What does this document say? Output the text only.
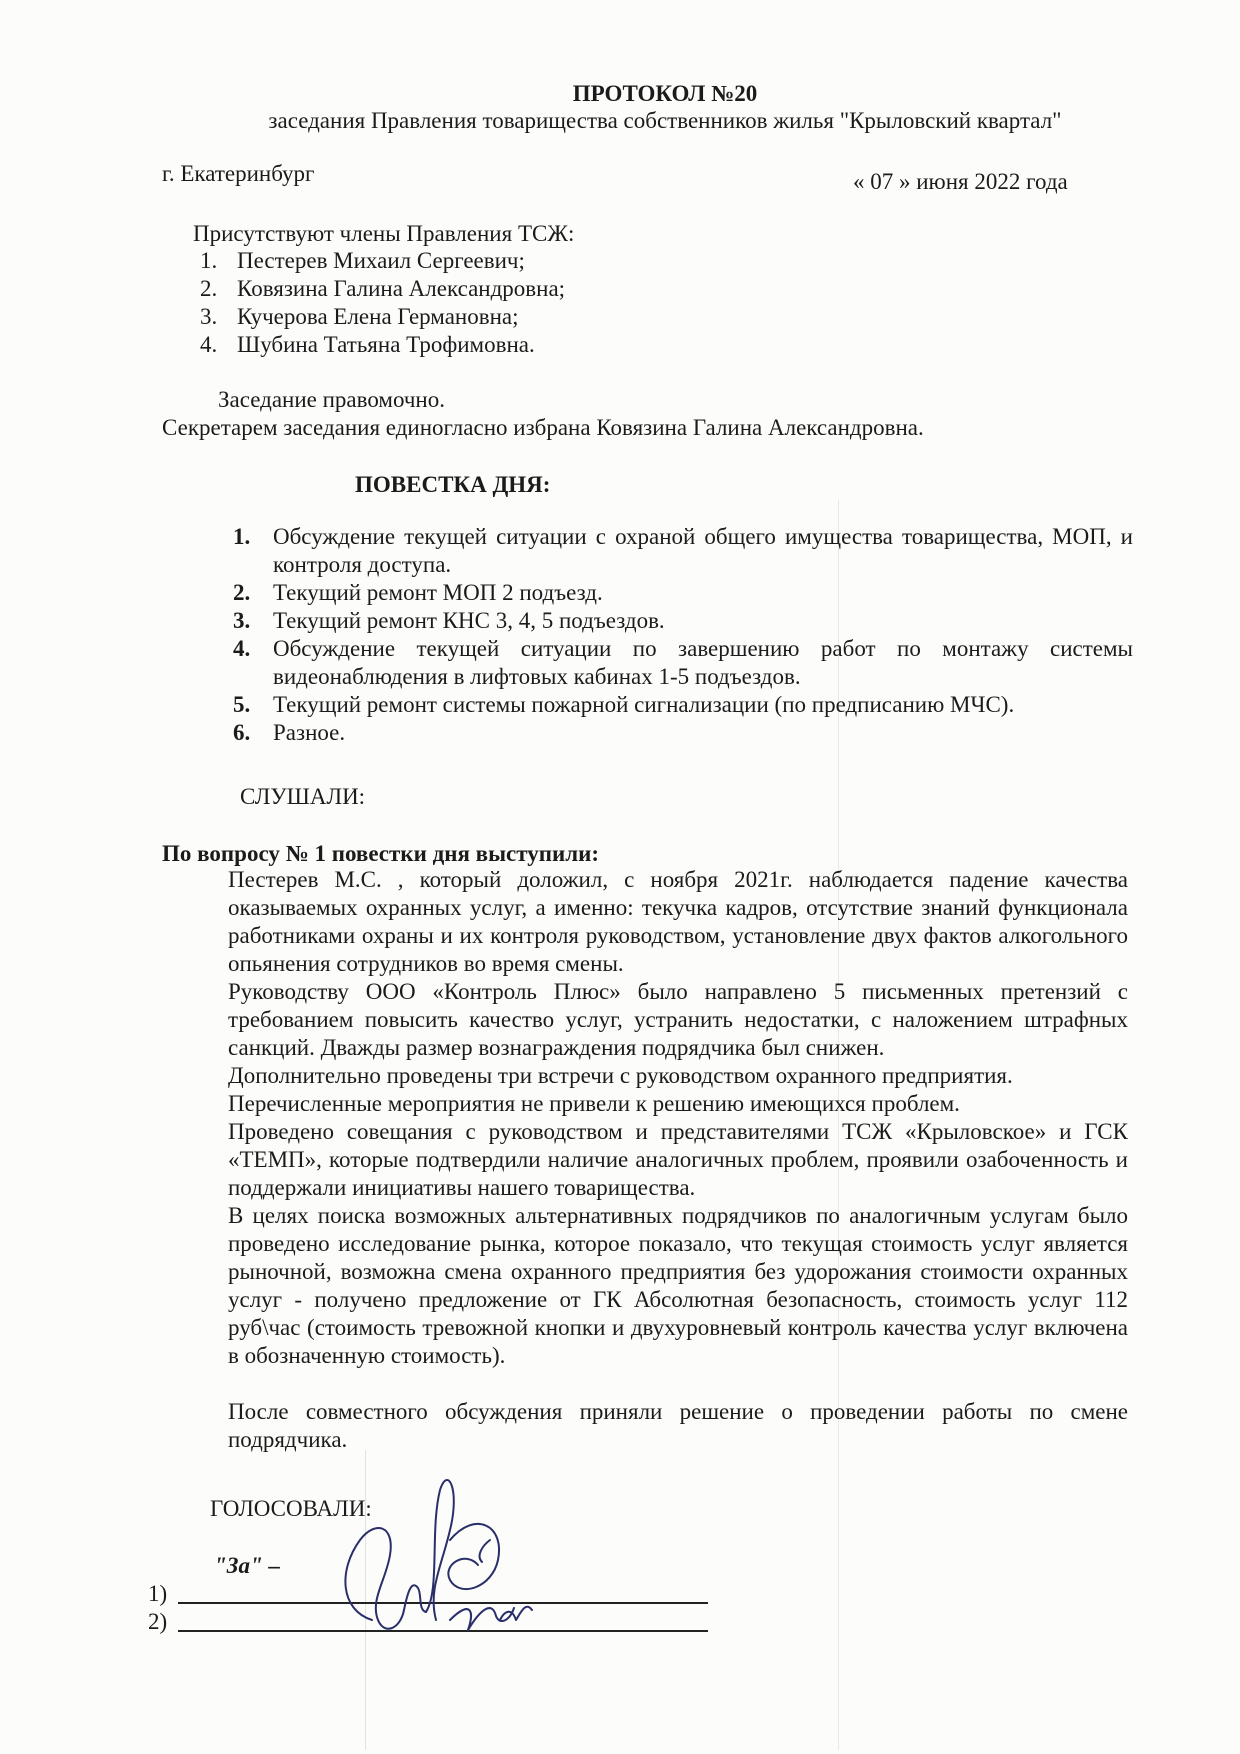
ПРОТОКОЛ №20
заседания Правления товарищества собственников жилья "Крыловский квартал"
г. Екатеринбург	« 07 » июня 2022 года
Присутствуют члены Правления ТСЖ:
1. Пестерев Михаил Сергеевич;
2. Ковязина Галина Александровна;
3. Кучерова Елена Германовна;
4. Шубина Татьяна Трофимовна.
Заседание правомочно.
Секретарем заседания единогласно избрана Ковязина Галина Александровна.
ПОВЕСТКА ДНЯ:
1. Обсуждение текущей ситуации с охраной общего имущества товарищества, МОП, и контроля доступа.
2. Текущий ремонт МОП 2 подъезд.
3. Текущий ремонт КНС 3, 4, 5 подъездов.
4. Обсуждение текущей ситуации по завершению работ по монтажу системы видеонаблюдения в лифтовых кабинах 1-5 подъездов.
5. Текущий ремонт системы пожарной сигнализации (по предписанию МЧС).
6. Разное.
СЛУШАЛИ:
По вопросу № 1 повестки дня выступили:

Пестерев М.С. , который доложил, с ноября 2021г. наблюдается падение качества оказываемых охранных услуг, а именно: текучка кадров, отсутствие знаний функционала работниками охраны и их контроля руководством, установление двух фактов алкогольного опьянения сотрудников во время смены.

Руководству ООО «Контроль Плюс» было направлено 5 письменных претензий с требованием повысить качество услуг, устранить недостатки, с наложением штрафных санкций. Дважды размер вознаграждения подрядчика был снижен.

Дополнительно проведены три встречи с руководством охранного предприятия.

Перечисленные мероприятия не привели к решению имеющихся проблем.

Проведено совещания с руководством и представителями ТСЖ «Крыловское» и ГСК «ТЕМП», которые подтвердили наличие аналогичных проблем, проявили озабоченность и поддержали инициативы нашего товарищества.

В целях поиска возможных альтернативных подрядчиков по аналогичным услугам было проведено исследование рынка, которое показало, что текущая стоимость услуг является рыночной, возможна смена охранного предприятия без удорожания стоимости охранных услуг - получено предложение от ГК Абсолютная безопасность, стоимость услуг 112 руб\час (стоимость тревожной кнопки и двухуровневый контроль качества услуг включена в обозначенную стоимость).

После совместного обсуждения приняли решение о проведении работы по смене подрядчика.

ГОЛОСОВАЛИ:
"За" –
1)
2)
